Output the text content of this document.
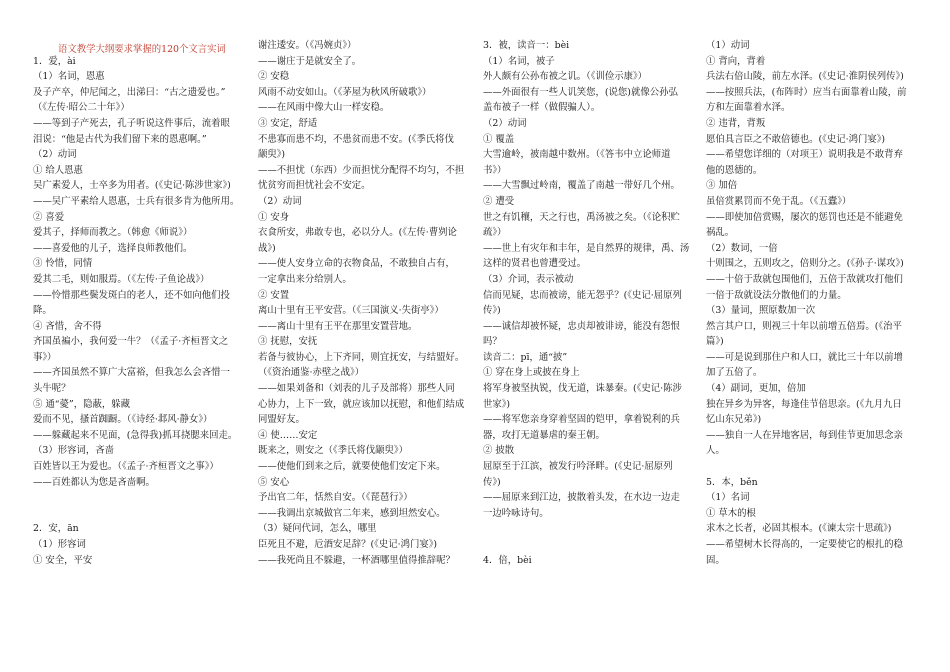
语文教学大纲要求掌握的120个文言实词
1．爱，ài
（1）名词，恩惠
及子产卒，仲尼闻之，出涕曰：“古之遗爱也。”
（《左传·昭公二十年》）
——等到子产死去，孔子听说这件事后，流着眼
泪说：“他是古代为我们留下来的恩惠啊。”
（2）动词
① 给人恩惠
吴广素爱人，士卒多为用者。(《史记·陈涉世家》)
——吴广平素给人恩惠，士兵有很多肯为他所用。
② 喜爱
爱其子，择师而教之。（韩愈《师说》）
——喜爱他的儿子，选择良师教他们。
③ 怜惜，同情
爱其二毛，则如服焉。（《左传·子鱼论战》）
——怜惜那些鬓发斑白的老人，还不如向他们投
降。
④ 吝惜，舍不得
齐国虽褊小，我何爱一牛？（《孟子·齐桓晋文之
事》）
——齐国虽然不算广大富裕，但我怎么会吝惜一
头牛呢？
⑤ 通“薆”，隐蔽，躲藏
爱而不见，搔首踟蹰。（《诗经·邶风·静女》）
——躲藏起来不见面，(急得我)抓耳挠腮来回走。
（3）形容词，吝啬
百姓皆以王为爱也。（《孟子·齐桓晋文之事》）
——百姓都认为您是吝啬啊。
2．安，ān
（1）形容词
① 安全，平安
谢注逶安。（《冯婉贞》）
——谢庄于是就安全了。
② 安稳
风雨不动安如山。（《茅屋为秋风所破歌》）
——在风雨中像大山一样安稳。
③ 安定，舒适
不患寡而患不均，不患贫而患不安。(《季氏将伐
颛臾》)
——不担忧（东西）少而担忧分配得不均匀，不担
忧贫穷而担忧社会不安定。
（2）动词
① 安身
衣食所安，弗敢专也，必以分人。(《左传·曹刿论
战》)
——使人安身立命的衣物食品，不敢独自占有，
一定拿出来分给别人。
② 安置
离山十里有王平安营。（《三国演义·失街亭》）
——离山十里有王平在那里安置营地。
③ 抚慰，安抚
若备与彼协心，上下齐同，则宜抚安，与结盟好。
（《资治通鉴·赤壁之战》）
——如果刘备和（刘表的儿子及部将）那些人同
心协力，上下一致，就应该加以抚慰，和他们结成
同盟好友。
④ 使……安定
既来之，则安之（《季氏将伐颛臾》）
——使他们到来之后，就要使他们安定下来。
⑤ 安心
予出官二年，恬然自安。（《琵琶行》）
——我调出京城做官二年来，感到坦然安心。
（3）疑问代词，怎么，哪里
臣死且不避，卮酒安足辞？(《史记·鸿门宴》)
——我死尚且不躲避，一杯酒哪里值得推辞呢？
3．被，读音一：bèi
（1）名词，被子
外人颇有公孙布被之讥。（《训俭示康》）
——外面很有一些人讥笑您，(说您)就像公孙弘
盖布被子一样（做假骗人）。
（2）动词
① 覆盖
大雪逾岭，被南越中数州。（《答韦中立论师道
书》）
——大雪飘过岭南，覆盖了南越一带好几个州。
② 遭受
世之有饥穰，天之行也，禹汤被之矣。（《论积贮
疏》）
——世上有灾年和丰年，是自然界的规律，禹、汤
这样的贤君也曾遭受过。
（3）介词，表示被动
信而见疑，忠而被谤，能无怨乎？(《史记·屈原列
传》)
——诚信却被怀疑，忠贞却被诽谤，能没有怨恨
吗？
读音二：pī，通“披”
① 穿在身上或披在身上
将军身被坚执锐，伐无道，诛暴秦。(《史记·陈涉
世家》)
——将军您亲身穿着坚固的铠甲，拿着锐利的兵
器，攻打无道暴虐的秦王朝。
② 披散
屈原至于江滨，被发行吟泽畔。(《史记·屈原列
传》)
——屈原来到江边，披散着头发，在水边一边走
一边吟咏诗句。
4．倍，bèi
（1）动词
① 背向，背着
兵法右倍山陵，前左水泽。(《史记·淮阴侯列传》)
——按照兵法，(布阵时）应当右面靠着山陵，前
方和左面靠着水泽。
② 违背，背叛
愿伯具言臣之不敢倍德也。(《史记·鸿门宴》)
——希望您详细的（对项王）说明我是不敢背弃
他的恩德的。
③ 加倍
虽倍赏累罚而不免于乱。（《五蠹》）
——即使加倍赏赐，屡次的惩罚也还是不能避免
祸乱。
（2）数词，一倍
十则围之，五则攻之，倍则分之。(《孙子·谋攻》)
——十倍于敌就包围他们，五倍于敌就攻打他们
一倍于敌就设法分散他们的力量。
（3）量词，照原数加一次
然言其户口，则视三十年以前增五倍焉。(《治平
篇》)
——可是说到那住户和人口，就比三十年以前增
加了五倍了。
（4）副词，更加，倍加
独在异乡为异客，每逢佳节倍思亲。(《九月九日
忆山东兄弟》)
——独自一人在异地客居，每到佳节更加思念亲
人。
5．本，běn
（1）名词
① 草木的根
求木之长者，必固其根本。(《谏太宗十思疏》)
——希望树木长得高的，一定要使它的根扎的稳
固。
